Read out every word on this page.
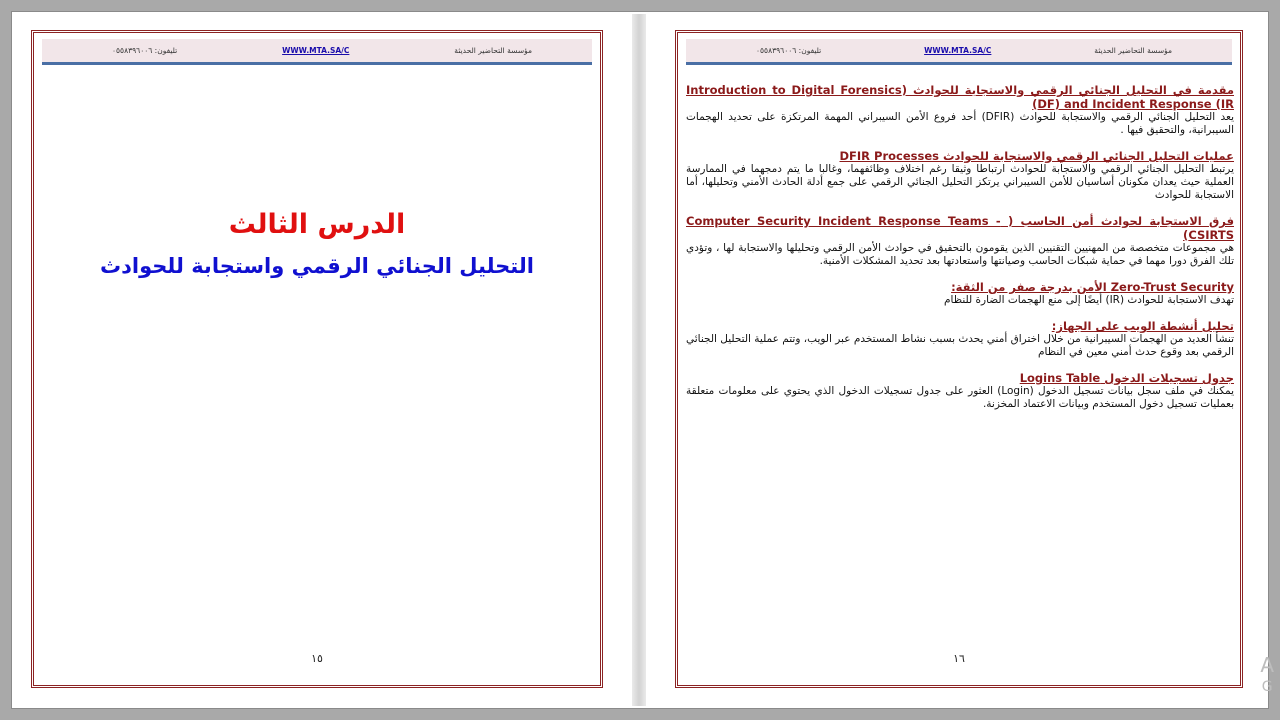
تليفون: ٠٥٥٨٣٩٦٠٠٦	WWW.MTA.SA/C	مؤسسة التحاضير الحديثة
الدرس الثالث
التحليل الجنائي الرقمي واستجابة للحوادث
١٥
تليفون: ٠٥٥٨٣٩٦٠٠٦	WWW.MTA.SA/C	مؤسسة التحاضير الحديثة
مقدمة في التحليل الجنائي الرقمي والاستجابة للحوادث (Introduction to Digital Forensics (DF) and Incident Response (IR
يعد التحليل الجنائي الرقمي والاستجابة للحوادث (DFIR) أحد فروع الأمن السيبراني المهمة المرتكزة على تحديد الهجمات السيبرانية، والتحقيق فيها .
عمليات التحليل الجنائي الرقمي والاستجابة للحوادث DFIR Processes
يرتبط التحليل الجنائي الرقمي والاستجابة للحوادث ارتباطا وثيقا رغم اختلاف وظائفهما، وغالبا ما يتم دمجهما في الممارسة العملية حيث يعدان مكونان أساسيان للأمن السيبراني يرتكز التحليل الجنائي الرقمي على جمع أدلة الحادث الأمني وتحليلها، أما الاستجابة للحوادث
فرق الاستجابة لحوادث أمن الحاسب ( Computer Security Incident Response Teams - CSIRTS)
هي مجموعات متخصصة من المهنيين التقنيين الذين يقومون بالتحقيق في حوادث الأمن الرقمي وتحليلها والاستجابة لها ، وتؤدي تلك الفرق دورا مهما في حماية شبكات الحاسب وصيانتها واستعادتها بعد تحديد المشكلات الأمنية.
Zero-Trust Security الأمن بدرجة صفر من الثقة:
تهدف الاستجابة للحوادث (IR) أيضًا إلى منع الهجمات الضارة للنظام
تحليل أنشطة الويب على الجهاز:
تنشأ العديد من الهجمات السيبرانية من خلال اختراق أمني يحدث بسبب نشاط المستخدم عبر الويب، وتتم عملية التحليل الجنائي الرقمي بعد وقوع حدث أمني معين في النظام
جدول تسجيلات الدخول Logins Table
يمكنك في ملف سجل بيانات تسجيل الدخول (Login) العثور على جدول تسجيلات الدخول الذي يحتوي على معلومات متعلقة بعمليات تسجيل دخول المستخدم وبيانات الاعتماد المخزنة.
١٦	A
G
